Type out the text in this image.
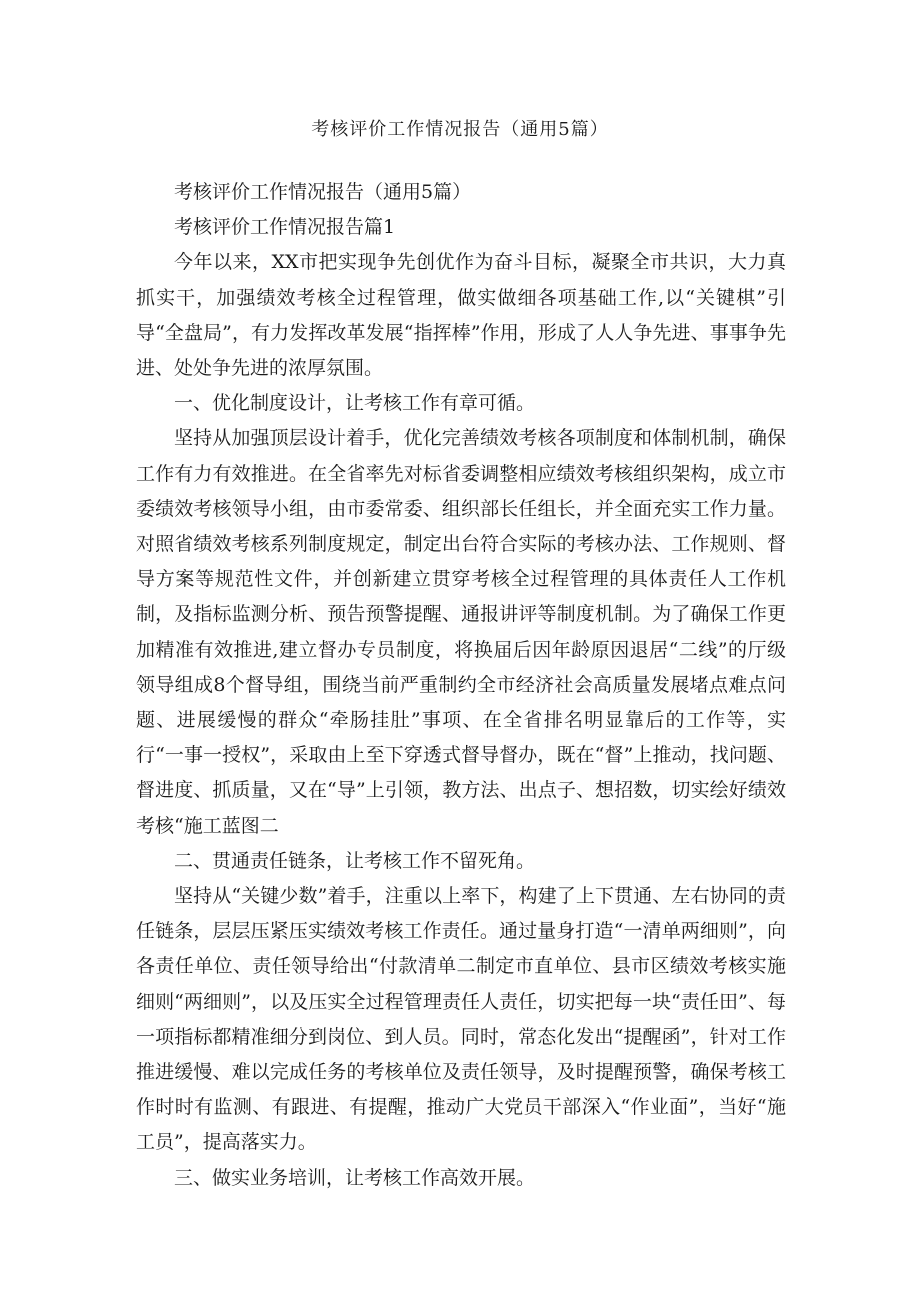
考核评价工作情况报告（通用5篇）

考核评价工作情况报告（通用5篇）

考核评价工作情况报告篇1

今年以来，XX市把实现争先创优作为奋斗目标，凝聚全市共识，大力真抓实干，加强绩效考核全过程管理，做实做细各项基础工作,以“关键棋”引导“全盘局”，有力发挥改革发展“指挥棒”作用，形成了人人争先进、事事争先进、处处争先进的浓厚氛围。

一、优化制度设计，让考核工作有章可循。

坚持从加强顶层设计着手，优化完善绩效考核各项制度和体制机制，确保工作有力有效推进。在全省率先对标省委调整相应绩效考核组织架构，成立市委绩效考核领导小组，由市委常委、组织部长任组长，并全面充实工作力量。对照省绩效考核系列制度规定，制定出台符合实际的考核办法、工作规则、督导方案等规范性文件，并创新建立贯穿考核全过程管理的具体责任人工作机制，及指标监测分析、预告预警提醒、通报讲评等制度机制。为了确保工作更加精准有效推进,建立督办专员制度，将换届后因年龄原因退居“二线”的厅级领导组成8个督导组，围绕当前严重制约全市经济社会高质量发展堵点难点问题、进展缓慢的群众“牵肠挂肚”事项、在全省排名明显靠后的工作等，实行“一事一授权”，采取由上至下穿透式督导督办，既在“督”上推动，找问题、督进度、抓质量，又在“导”上引领，教方法、出点子、想招数，切实绘好绩效考核“施工蓝图二

二、贯通责任链条，让考核工作不留死角。

坚持从“关键少数”着手，注重以上率下，构建了上下贯通、左右协同的责任链条，层层压紧压实绩效考核工作责任。通过量身打造“一清单两细则”，向各责任单位、责任领导给出“付款清单二制定市直单位、县市区绩效考核实施细则“两细则”，以及压实全过程管理责任人责任，切实把每一块“责任田”、每一项指标都精准细分到岗位、到人员。同时，常态化发出“提醒函”，针对工作推进缓慢、难以完成任务的考核单位及责任领导，及时提醒预警，确保考核工作时时有监测、有跟进、有提醒，推动广大党员干部深入“作业面”，当好“施工员”，提高落实力。

三、做实业务培训，让考核工作高效开展。
